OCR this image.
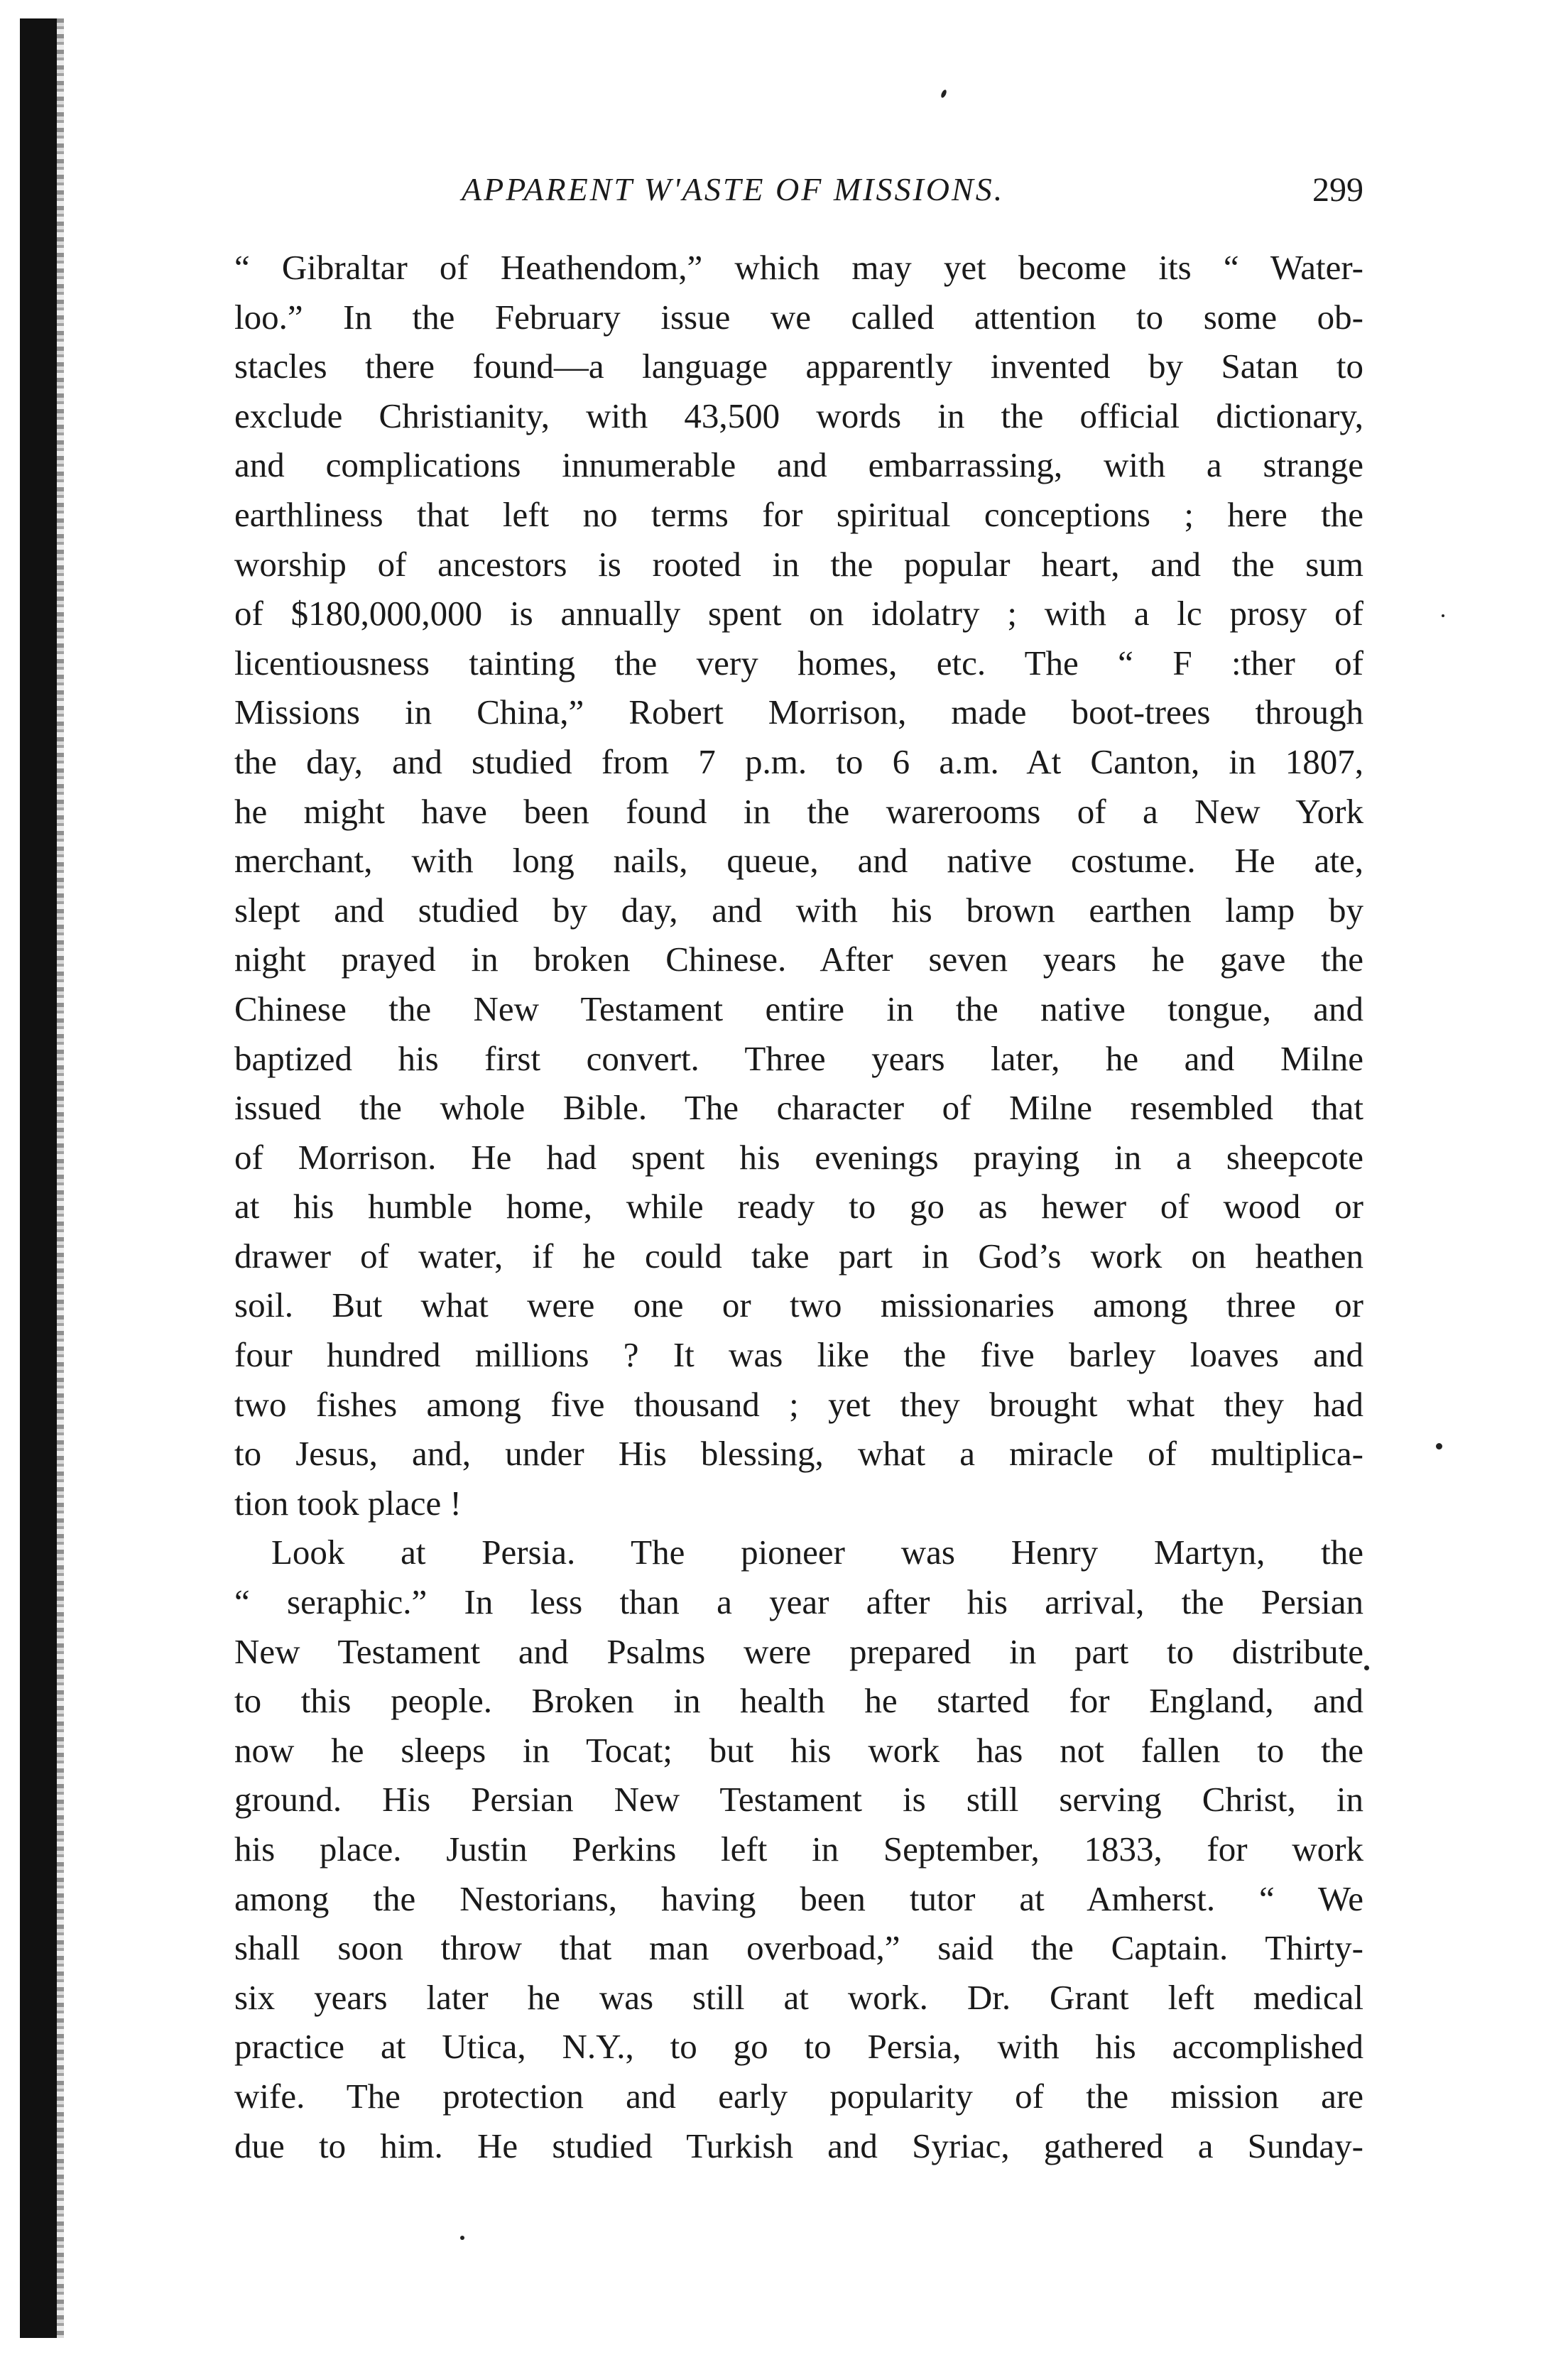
APPARENT W'ASTE OF MISSIONS.	299
“ Gibraltar of Heathendom,” which may yet become its “ Water-
loo.” In the February issue we called attention to some ob-
stacles there found—a language apparently invented by Satan to
exclude Christianity, with 43,500 words in the official dictionary,
and complications innumerable and embarrassing, with a strange
earthliness that left no terms for spiritual conceptions ; here the
worship of ancestors is rooted in the popular heart, and the sum
of $180,000,000 is annually spent on idolatry ; with a lc prosy of
licentiousness tainting the very homes, etc. The “ F :ther of
Missions in China,” Robert Morrison, made boot-trees through
the day, and studied from 7 p.m. to 6 a.m. At Canton, in 1807,
he might have been found in the warerooms of a New York
merchant, with long nails, queue, and native costume. He ate,
slept and studied by day, and with his brown earthen lamp by
night prayed in broken Chinese. After seven years he gave the
Chinese the New Testament entire in the native tongue, and
baptized his first convert. Three years later, he and Milne
issued the whole Bible. The character of Milne resembled that
of Morrison. He had spent his evenings praying in a sheepcote
at his humble home, while ready to go as hewer of wood or
drawer of water, if he could take part in God’s work on heathen
soil. But what were one or two missionaries among three or
four hundred millions ? It was like the five barley loaves and
two fishes among five thousand ; yet they brought what they had
to Jesus, and, under His blessing, what a miracle of multiplica-
tion took place !
Look at Persia. The pioneer was Henry Martyn, the
“ seraphic.” In less than a year after his arrival, the Persian
New Testament and Psalms were prepared in part to distribute
to this people. Broken in health he started for England, and
now he sleeps in Tocat; but his work has not fallen to the
ground. His Persian New Testament is still serving Christ, in
his place. Justin Perkins left in September, 1833, for work
among the Nestorians, having been tutor at Amherst. “ We
shall soon throw that man overboad,” said the Captain. Thirty-
six years later he was still at work. Dr. Grant left medical
practice at Utica, N.Y., to go to Persia, with his accomplished
wife. The protection and early popularity of the mission are
due to him. He studied Turkish and Syriac, gathered a Sunday-
